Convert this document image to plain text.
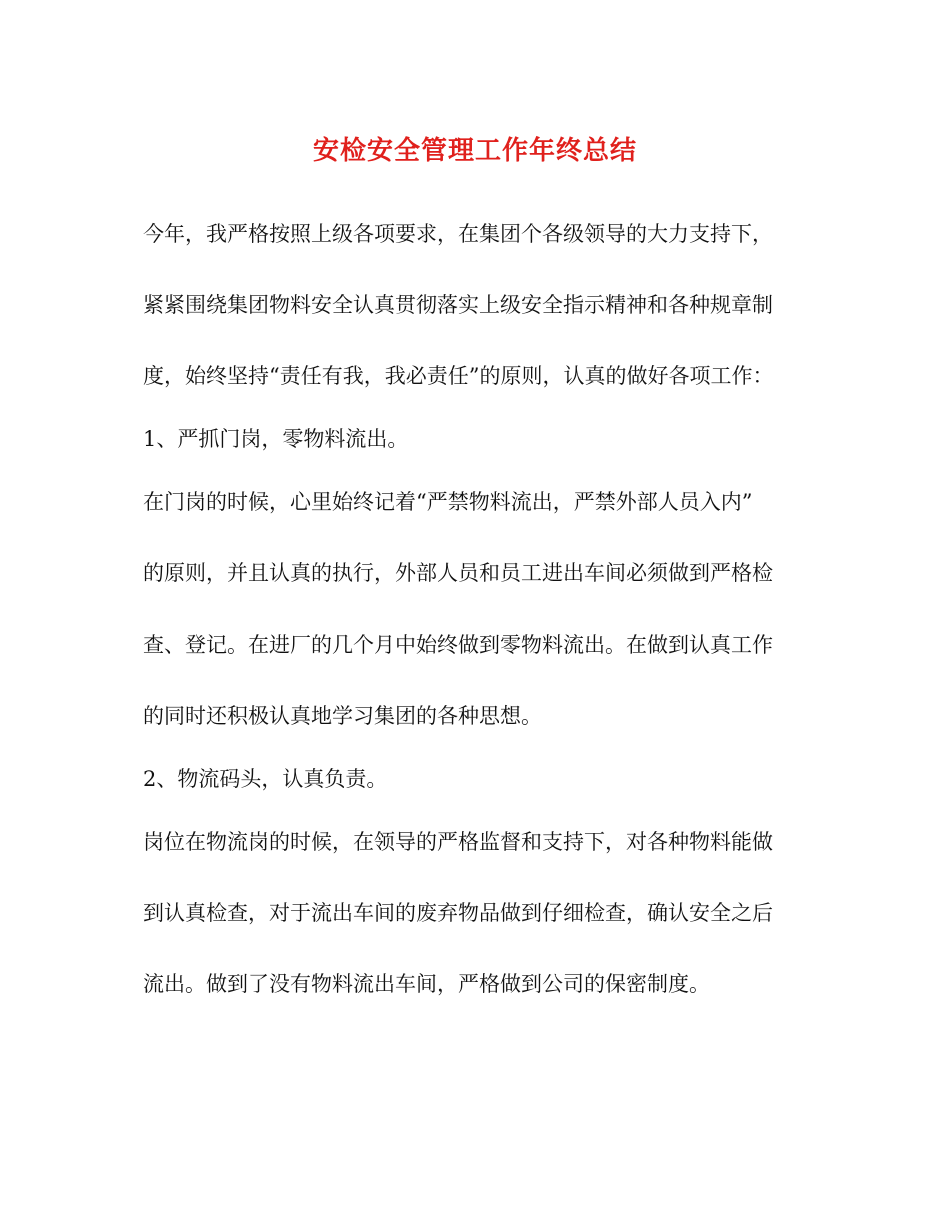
安检安全管理工作年终总结

今年，我严格按照上级各项要求，在集团个各级领导的大力支持下，

紧紧围绕集团物料安全认真贯彻落实上级安全指示精神和各种规章制

度，始终坚持“责任有我，我必责任”的原则，认真的做好各项工作：

1、严抓门岗，零物料流出。

在门岗的时候，心里始终记着“严禁物料流出，严禁外部人员入内”

的原则，并且认真的执行，外部人员和员工进出车间必须做到严格检

查、登记。在进厂的几个月中始终做到零物料流出。在做到认真工作

的同时还积极认真地学习集团的各种思想。

2、物流码头，认真负责。

岗位在物流岗的时候，在领导的严格监督和支持下，对各种物料能做

到认真检查，对于流出车间的废弃物品做到仔细检查，确认安全之后

流出。做到了没有物料流出车间，严格做到公司的保密制度。
